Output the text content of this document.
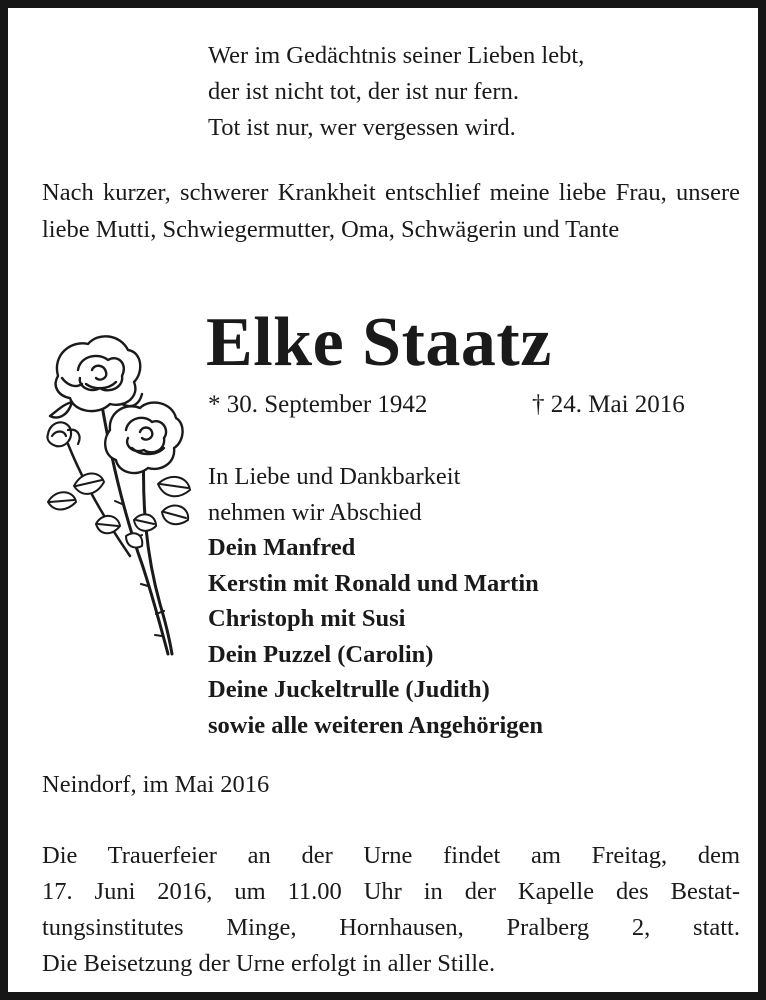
Wer im Gedächtnis seiner Lieben lebt,
der ist nicht tot, der ist nur fern.
Tot ist nur, wer vergessen wird.
Nach kurzer, schwerer Krankheit entschlief meine liebe Frau, unsere liebe Mutti, Schwiegermutter, Oma, Schwägerin und Tante
Elke Staatz
* 30. September 1942	† 24. Mai 2016
In Liebe und Dankbarkeit
nehmen wir Abschied
Dein Manfred
Kerstin mit Ronald und Martin
Christoph mit Susi
Dein Puzzel (Carolin)
Deine Juckeltrulle (Judith)
sowie alle weiteren Angehörigen
Neindorf, im Mai 2016
Die Trauerfeier an der Urne findet am Freitag, dem
17. Juni 2016, um 11.00 Uhr in der Kapelle des Bestat-
tungsinstitutes Minge, Hornhausen, Pralberg 2, statt.
Die Beisetzung der Urne erfolgt in aller Stille.
